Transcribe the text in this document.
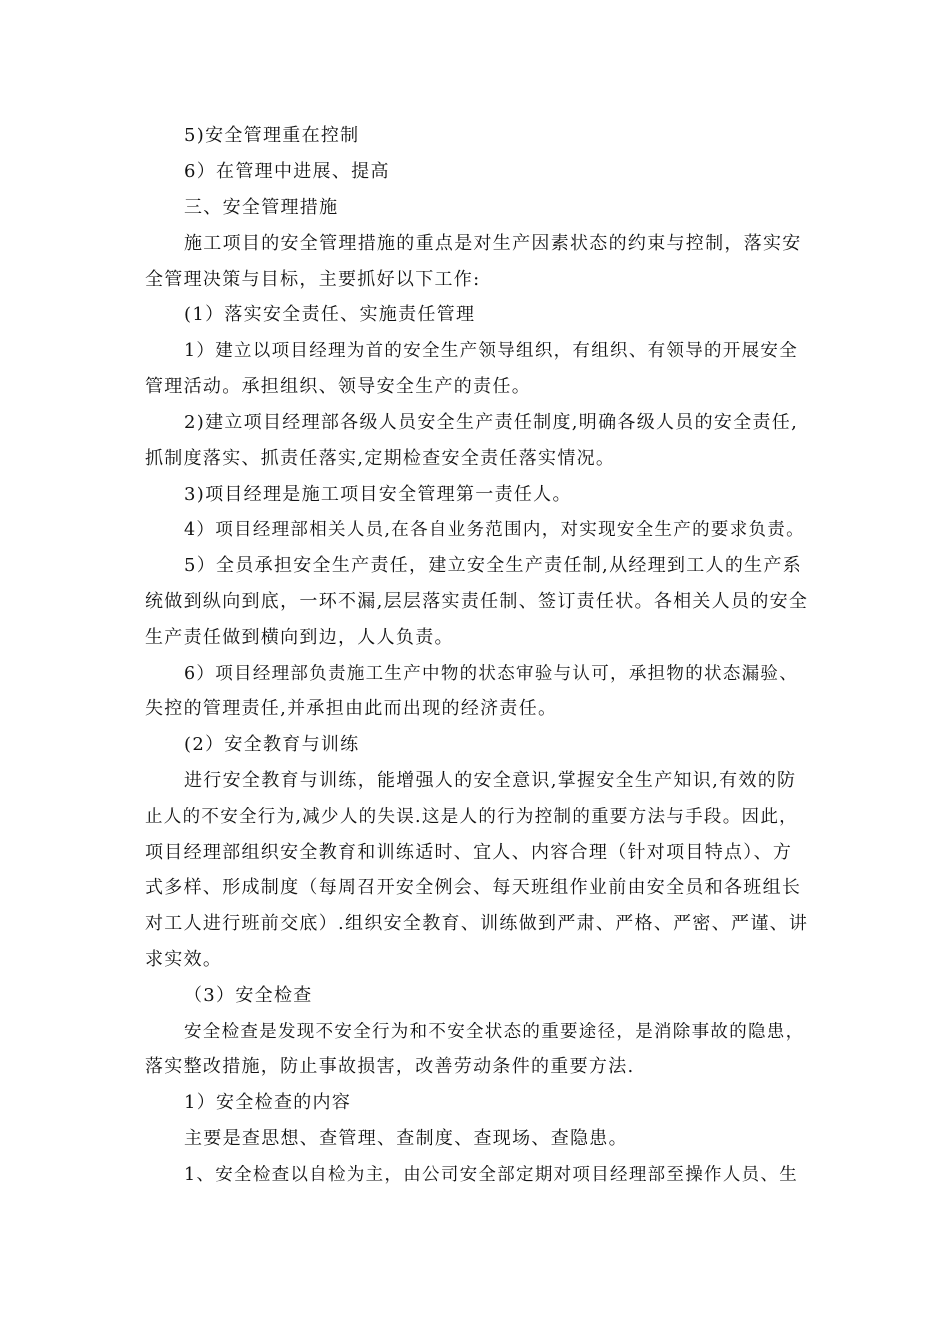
5)安全管理重在控制
6）在管理中进展、提高
三、安全管理措施
施工项目的安全管理措施的重点是对生产因素状态的约束与控制，落实安
全管理决策与目标，主要抓好以下工作:
(1）落实安全责任、实施责任管理
1）建立以项目经理为首的安全生产领导组织，有组织、有领导的开展安全
管理活动。承担组织、领导安全生产的责任。
2)建立项目经理部各级人员安全生产责任制度,明确各级人员的安全责任,
抓制度落实、抓责任落实,定期检查安全责任落实情况。
3)项目经理是施工项目安全管理第一责任人。
4）项目经理部相关人员,在各自业务范围内，对实现安全生产的要求负责。
5）全员承担安全生产责任，建立安全生产责任制,从经理到工人的生产系
统做到纵向到底，一环不漏,层层落实责任制、签订责任状。各相关人员的安全
生产责任做到横向到边，人人负责。
6）项目经理部负责施工生产中物的状态审验与认可，承担物的状态漏验、
失控的管理责任,并承担由此而出现的经济责任。
(2）安全教育与训练
进行安全教育与训练，能增强人的安全意识,掌握安全生产知识,有效的防
止人的不安全行为,减少人的失误.这是人的行为控制的重要方法与手段。因此，
项目经理部组织安全教育和训练适时、宜人、内容合理（针对项目特点）、方
式多样、形成制度（每周召开安全例会、每天班组作业前由安全员和各班组长
对工人进行班前交底）.组织安全教育、训练做到严肃、严格、严密、严谨、讲
求实效。
（3）安全检查
安全检查是发现不安全行为和不安全状态的重要途径，是消除事故的隐患，
落实整改措施，防止事故损害，改善劳动条件的重要方法.
1）安全检查的内容
主要是查思想、查管理、查制度、查现场、查隐患。
1、安全检查以自检为主，由公司安全部定期对项目经理部至操作人员、生
